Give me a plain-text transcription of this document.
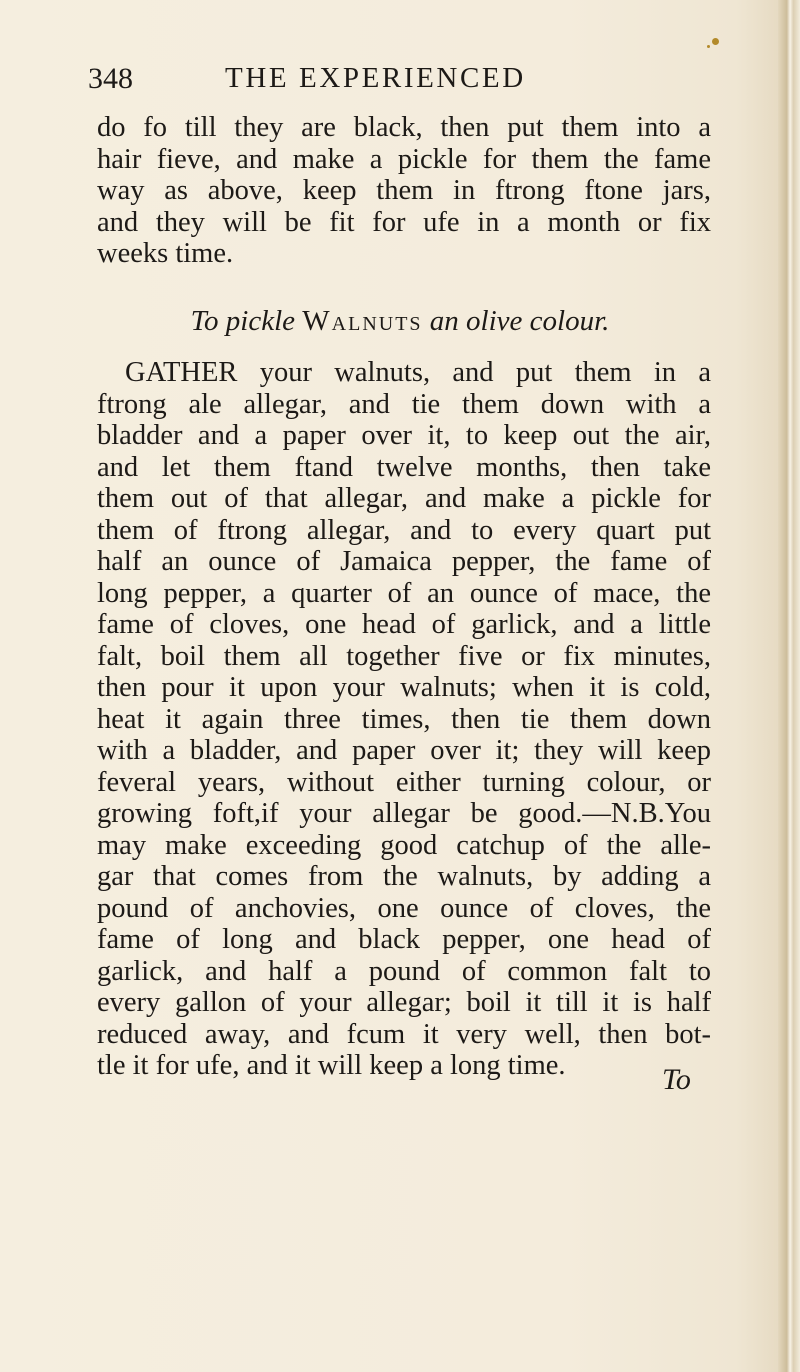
348	THE EXPERIENCED
do fo till they are black, then put them into a
hair fieve, and make a pickle for them the fame
way as above, keep them in ftrong ftone jars,
and they will be fit for ufe in a month or fix
weeks time.
To pickle Walnuts an olive colour.
GATHER your walnuts, and put them in a
ftrong ale allegar, and tie them down with a
bladder and a paper over it, to keep out the air,
and let them ftand twelve months, then take
them out of that allegar, and make a pickle for
them of ftrong allegar, and to every quart put
half an ounce of Jamaica pepper, the fame of
long pepper, a quarter of an ounce of mace, the
fame of cloves, one head of garlick, and a little
falt, boil them all together five or fix minutes,
then pour it upon your walnuts; when it is cold,
heat it again three times, then tie them down
with a bladder, and paper over it; they will keep
feveral years, without either turning colour, or
growing foft,if your allegar be good.—N.B.You
may make exceeding good catchup of the alle-
gar that comes from the walnuts, by adding a
pound of anchovies, one ounce of cloves, the
fame of long and black pepper, one head of
garlick, and half a pound of common falt to
every gallon of your allegar; boil it till it is half
reduced away, and fcum it very well, then bot-
tle it for ufe, and it will keep a long time.	To
